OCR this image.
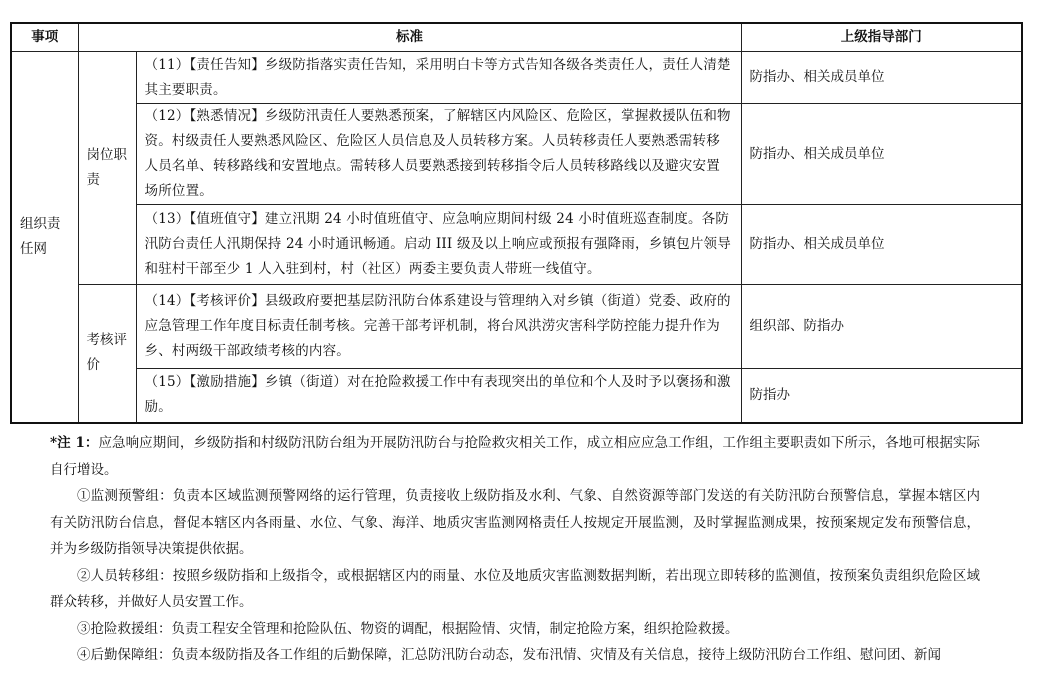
事项	标准		上级指导部门
组织责任网	岗位职责	（11）【责任告知】乡级防指落实责任告知，采用明白卡等方式告知各级各类责任人，责任人清楚其主要职责。	防指办、相关成员单位
		（12）【熟悉情况】乡级防汛责任人要熟悉预案，了解辖区内风险区、危险区，掌握救援队伍和物资。村级责任人要熟悉风险区、危险区人员信息及人员转移方案。人员转移责任人要熟悉需转移人员名单、转移路线和安置地点。需转移人员要熟悉接到转移指令后人员转移路线以及避灾安置场所位置。	防指办、相关成员单位
		（13）【值班值守】建立汛期 24 小时值班值守、应急响应期间村级 24 小时值班巡查制度。各防汛防台责任人汛期保持 24 小时通讯畅通。启动 III 级及以上响应或预报有强降雨，乡镇包片领导和驻村干部至少 1 人入驻到村，村（社区）两委主要负责人带班一线值守。	防指办、相关成员单位
	考核评价	（14）【考核评价】县级政府要把基层防汛防台体系建设与管理纳入对乡镇（街道）党委、政府的应急管理工作年度目标责任制考核。完善干部考评机制，将台风洪涝灾害科学防控能力提升作为乡、村两级干部政绩考核的内容。	组织部、防指办
		（15）【激励措施】乡镇（街道）对在抢险救援工作中有表现突出的单位和个人及时予以褒扬和激励。	防指办

*注 1：应急响应期间，乡级防指和村级防汛防台组为开展防汛防台与抢险救灾相关工作，成立相应应急工作组，工作组主要职责如下所示，各地可根据实际自行增设。

①监测预警组：负责本区域监测预警网络的运行管理，负责接收上级防指及水利、气象、自然资源等部门发送的有关防汛防台预警信息，掌握本辖区内有关防汛防台信息，督促本辖区内各雨量、水位、气象、海洋、地质灾害监测网格责任人按规定开展监测，及时掌握监测成果，按预案规定发布预警信息，并为乡级防指领导决策提供依据。

②人员转移组：按照乡级防指和上级指令，或根据辖区内的雨量、水位及地质灾害监测数据判断，若出现立即转移的监测值，按预案负责组织危险区域群众转移，并做好人员安置工作。

③抢险救援组：负责工程安全管理和抢险队伍、物资的调配，根据险情、灾情，制定抢险方案，组织抢险救援。

④后勤保障组：负责本级防指及各工作组的后勤保障，汇总防汛防台动态，发布汛情、灾情及有关信息，接待上级防汛防台工作组、慰问团、新闻
